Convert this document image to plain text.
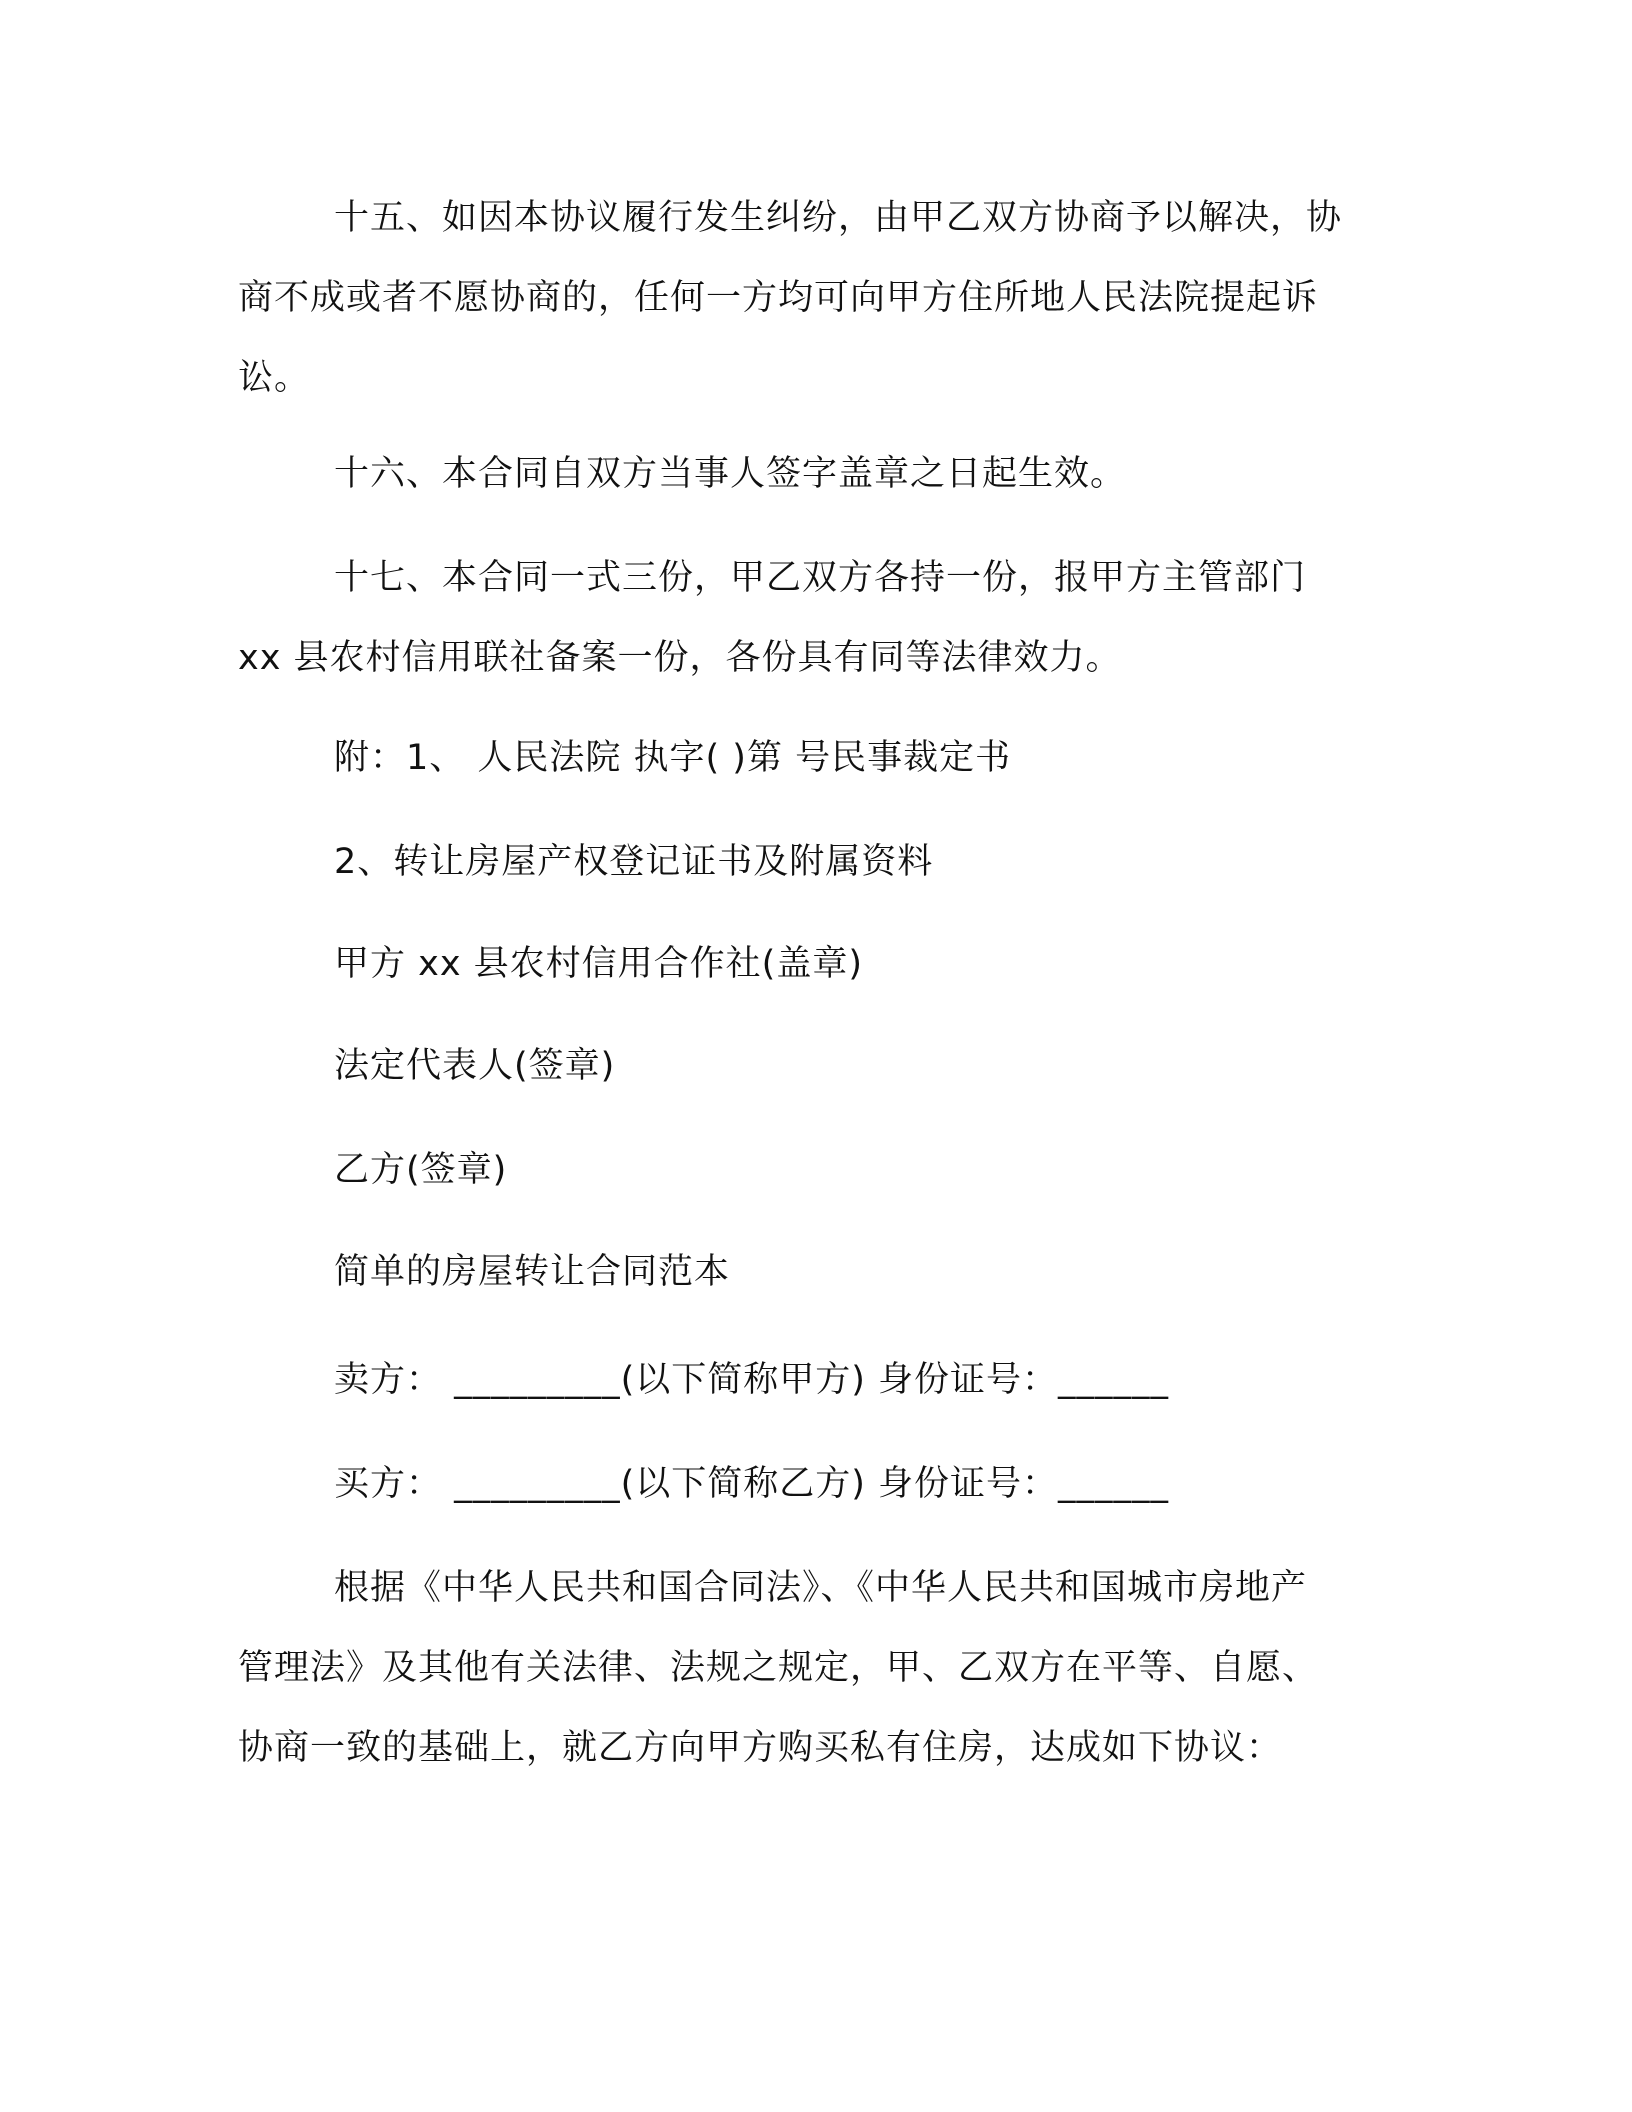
十五、如因本协议履行发生纠纷，由甲乙双方协商予以解决，协
商不成或者不愿协商的，任何一方均可向甲方住所地人民法院提起诉
讼。

十六、本合同自双方当事人签字盖章之日起生效。

十七、本合同一式三份，甲乙双方各持一份，报甲方主管部门
xx 县农村信用联社备案一份，各份具有同等法律效力。

附：1、 人民法院 执字( )第 号民事裁定书

2、转让房屋产权登记证书及附属资料

甲方 xx 县农村信用合作社(盖章)

法定代表人(签章)

乙方(签章)

简单的房屋转让合同范本

卖方： _________(以下简称甲方) 身份证号：______

买方： _________(以下简称乙方) 身份证号：______

根据《中华人民共和国合同法》、《中华人民共和国城市房地产
管理法》及其他有关法律、法规之规定，甲、乙双方在平等、自愿、
协商一致的基础上，就乙方向甲方购买私有住房，达成如下协议：
